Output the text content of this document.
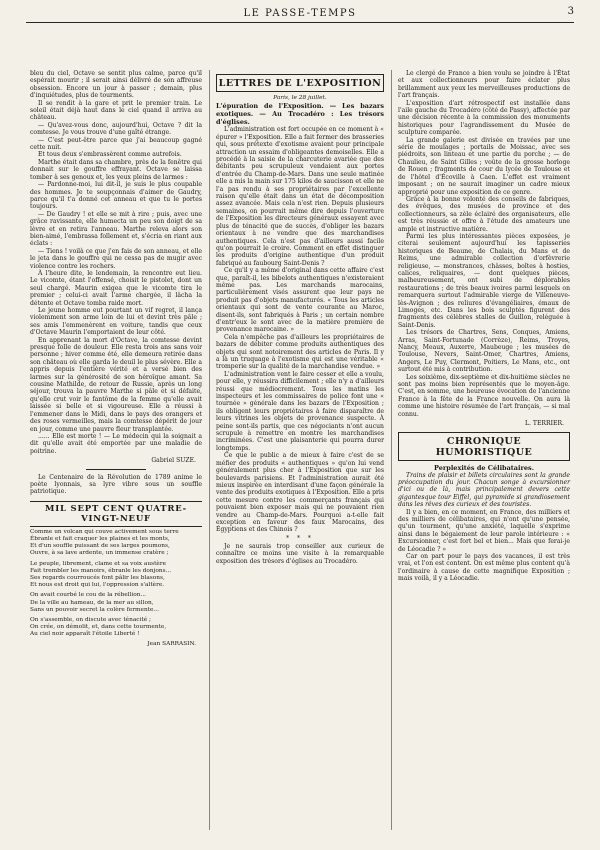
LE PASSE-TEMPS	3

bleu du ciel, Octave se sentit plus calme, parce qu'il espérait mourir ; il serait ainsi délivré de son affreuse obsession. Encore un jour à passer ; demain, plus d'inquiétudes, plus de tourments.

Il se rendit à la gare et prit le premier train. Le soleil était déjà haut dans le ciel quand il arriva au château.

— Qu'avez-vous donc, aujourd'hui, Octave ? dit la comtesse. Je vous trouve d'une gaîté étrange.

— C'est peut-être parce que j'ai beaucoup gagné cette nuit.

Et tous deux s'embrassèrent comme autrefois.

Marthe était dans sa chambre, près de la fenêtre qui donnait sur le gouffre effrayant. Octave se laissa tomber à ses genoux et, les yeux pleins de larmes :

— Pardonne-moi, lui dit-il, je suis le plus coupable des hommes. Je te soupçonnais d'aimer de Gaudry, parce qu'il t'a donné cet anneau et que tu le portes toujours.

— De Gaudry ! et elle se mit à rire ; puis, avec une grâce ravissante, elle humecta un peu son doigt de sa lèvre et en retira l'anneau. Marthe releva alors son bien-aimé, l'embrassa follement et, s'écria en riant aux éclats :

— Tiens ! voilà ce que j'en fais de son anneau, et elle le jeta dans le gouffre qui ne cessa pas de mugir avec violence contre les rochers.

À l'heure dite, le lendemain, la rencontre eut lieu. Le vicomte, étant l'offensé, choisit le pistolet, dont un seul chargé. Maurin exigea que le vicomte tira le premier ; celui-ci avait l'arme chargée, il lâcha la détente et Octave tomba raide mort.

Le jeune homme eut pourtant un vif regret, il lança violemment son arme loin de lui et devint très pâle ; ses amis l'emmenèrent en voiture, tandis que ceux d'Octave Maurin l'emportaient de leur côté.

En apprenant la mort d'Octave, la comtesse devint presque folle de douleur. Elle resta trois ans sans voir personne ; hiver comme été, elle demeura retirée dans son château où elle garda le deuil le plus sévère. Elle a appris depuis l'entière vérité et a versé bien des larmes sur la générosité de son héroïque amant. Sa cousine Mathilde, de retour de Russie, après un long séjour, trouva la pauvre Marthe si pâle et si défaite, qu'elle crut voir le fantôme de la femme qu'elle avait laissée si belle et si vigoureuse. Elle a réussi à l'emmener dans le Midi, dans le pays des orangers et des roses vermeilles, mais la comtesse dépérit de jour en jour, comme une pauvre fleur transplantée.

...... Elle est morte ! — Le médecin qui la soignait a dit qu'elle avait été emportée par une maladie de poitrine.

Gabriel SUZE.

Le Centenaire de la Révolution de 1789 anime le poète lyonnais, sa lyre vibre sous un souffle patriotique.

MIL SEPT CENT QUATRE-VINGT-NEUF

Comme un volcan qui couve activement sous terre

Ébranle et fait craquer les plaines et les monts,

Et d'un souffle puissant de ses larges poumons,

Ouvre, à sa lave ardente, un immense cratère ;

Le peuple, librement, clame et sa voix austère

Fait trembler les manoirs, ébranle les donjons...

Ses regards courroucés font pâlir les blasons,

Et nous est droit qui lui, l'oppression s'altère.

On avait courbé le cou de la rébellion...

De la ville au hameau, de la mer au sillon,

Sans un pouvoir secret la colère fermente...

On s'assemble, on discute avec ténacité ;

On crée, on démolit, et, dans cette tourmente,

Au ciel noir apparaît l'étoile Liberté !

Jean SARRASIN.

LETTRES DE L'EXPOSITION

Paris, le 28 juillet.

L'épuration de l'Exposition. — Les bazars exotiques. — Au Trocadéro : Les trésors d'églises.

L'administration est fort occupée en ce moment à « épurer » l'Exposition. Elle a fait fermer des brasseries qui, sous prétexte d'exotisme avaient pour principale attraction un essaim d'obligeantes demoiselles. Elle a procédé à la saisie de la charcuterie avariée que des débitants peu scrupuleux vendaient aux portes d'entrée du Champ-de-Mars. Dans une seule matinée elle a mis la main sur 175 kilos de saucisson et elle ne l'a pas rendu à ses propriétaires par l'excellente raison qu'elle était dans un état de décomposition assez avancée. Mais cela n'est rien. Depuis plusieurs semaines, on pourrait même dire depuis l'ouverture de l'Exposition les directeurs généraux essayent avec plus de ténacité que de succès, d'obliger les bazars orientaux à ne vendre que des marchandises authentiques. Cela n'est pas d'ailleurs aussi facile qu'on pourrait le croire. Comment en effet distinguer les produits d'origine authentique d'un produit fabriqué au faubourg Saint-Denis ?

Ce qu'il y a même d'original dans cette affaire c'est que, paraît-il, les bibelots authentiques n'existeraient même pas. Les marchands marocains, particulièrement visés assurent que leur pays ne produit pas d'objets manufacturés. « Tous les articles orientaux qui sont de vente courante au Maroc, disent-ils, sont fabriqués à Paris ; un certain nombre d'entr'eux le sont avec de la matière première de provenance marocaine. »

Cela n'empêche pas d'ailleurs les propriétaires de bazars de débiter comme produits authentiques des objets qui sont notoirement des articles de Paris. Il y a là un truquage à l'exotisme qui est une véritable « tromperie sur la qualité de la marchandise vendue. »

L'administration vent le faire cesser et elle a voulu, pour elle, y réussira difficilement ; elle n'y a d'ailleurs réussi que médiocrement. Tous les matins les inspecteurs et les commissaires de police font une « tournée » générale dans les bazars de l'Exposition ; ils obligent leurs propriétaires à faire disparaître de leurs vitrines les objets de provenance suspecte. À peine sont-ils partis, que ces négociants n'ont aucun scrupule à remettre en montre les marchandises incriminées. C'est une plaisanterie qui pourra durer longtemps.

Ce que le public a de mieux à faire c'est de se méfier des produits « authentiques » qu'on lui vend généralement plus cher à l'Exposition que sur les boulevards parisiens. Et l'administration aurait été mieux inspirée en interdisant d'une façon générale la vente des produits exotiques à l'Exposition. Elle a pris cette mesure contre les commerçants français qui pouvaient bien exposer mais qui ne pouvaient rien vendre au Champ-de-Mars. Pourquoi a-t-elle fait exception en faveur des faux Marocains, des Égyptiens et des Chinois ?

* * *

Je ne saurais trop conseiller aux curieux de connaître ce moins une visite à la remarquable exposition des trésors d'églises au Trocadéro.

Le clergé de France a bien voulu se joindre à l'État et aux collectionneurs pour faire éclater plus brillamment aux yeux les merveilleuses productions de l'art français.

L'exposition d'art rétrospectif est installée dans l'aile gauche du Trocadéro (côté de Passy), affectée par une décision récente à la commission des monuments historiques pour l'agrandissement du Musée de sculpture comparée.

La grande galerie est divisée en travées par une série de moulages ; portails de Moissac, avec ses piédroits, son linteau et une partie du porche ; — de Chaulieu, de Saint Gilles ; voûte de la grosse horloge de Rouen ; fragments de cour du lycée de Toulouse et de l'hôtel d'Écoville à Caen. L'effet est vraiment imposant ; on ne saurait imaginer un cadre mieux approprié pour une exposition de ce genre.

Grâce à la bonne volonté des conseils de fabriques, des évêques, des musées de province et des collectionneurs, sa zèle éclairé des organisateurs, elle est très réussie et offre à l'étude des amateurs une ample et instructive matière.

Parmi les plus intéressantes pièces exposées, je citerai seulement aujourd'hui les tapisseries historiques de Beaune, de Chalais, du Mans et de Reims, une admirable collection d'orfèvrerie religieuse, — monstrances, châsses, boîtes à hosties, calices, reliquaires, — dont quelques pièces, malheureusement, ont subi de déplorables restaurations ; de très beaux ivoires parmi lesquels on remarquera surtout l'admirable vierge de Villeneuve-lès-Avignon ; des reliures d'évangéliaires, émaux de Limoges, etc. Dans les bois sculptés figurent des fragments des célèbres stalles de Guillon, reléguée à Saint-Denis.

Les trésors de Chartres, Sens, Conques, Amiens, Arras, Saint-Fortunade (Corrèze), Reims, Troyes, Nancy, Meaux, Auxerre, Maubeuge ; les musées de Toulouse, Nevers, Saint-Omer, Chartres, Amiens, Angers, Le Puy, Clermont, Poitiers, Le Mans, etc., ont surtout été mis à contribution.

Les soixième, dix-septième et dix-huitième siècles ne sont pas moins bien représentés que le moyen-âge. C'est, en somme, une heureuse évocation de l'ancienne France à la fête de la France nouvelle. On aura là comme une histoire résumée de l'art français, — si mal connu.

L. TERRIER.

CHRONIQUE HUMORISTIQUE

Perplexités de Célibataires.

Trains de plaisir et billets circulaires sont la grande préoccupation du jour. Chacun songe à excursionner d'ici ou de là, mais principalement devers cette gigantesque tour Eiffel, qui pyramide si grandiosement dans les rêves des curieux et des touristes.

Il y a bien, en ce moment, en France, des milliers et des milliers de célibataires, qui n'ont qu'une pensée, qu'un tourment, qu'une anxiété, laquelle s'exprime ainsi dans le bégaiement de leur parole intérieure : « Excursionner, c'est fort bel et bien... Mais que ferai-je de Léocadie ? »

Car on part pour le pays des vacances, il est très vrai, et l'on est content. On est même plus content qu'à l'ordinaire à cause de cette magnifique Exposition ; mais voilà, il y a Léocadie.
